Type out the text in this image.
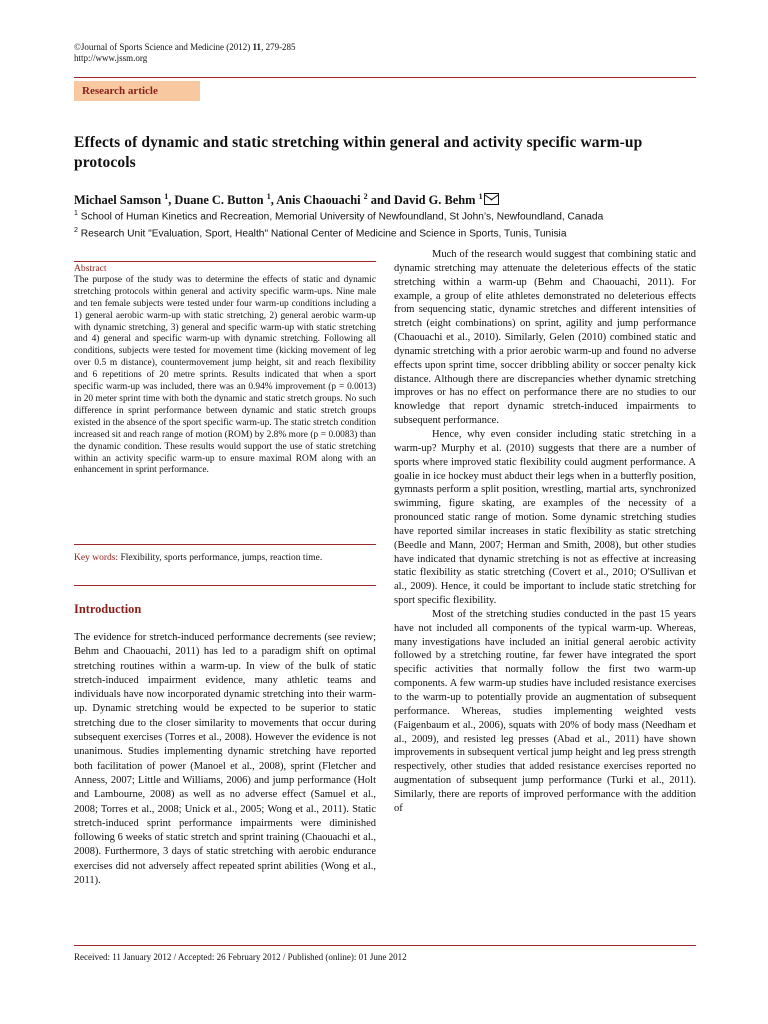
©Journal of Sports Science and Medicine (2012) 11, 279-285
http://www.jssm.org
Research article
Effects of dynamic and static stretching within general and activity specific warm-up protocols
Michael Samson $^1$, Duane C. Button $^1$, Anis Chaouachi $^2$ and David G. Behm $^1$
$^1$ School of Human Kinetics and Recreation, Memorial University of Newfoundland, St John’s, Newfoundland, Canada
$^2$ Research Unit "Evaluation, Sport, Health" National Center of Medicine and Science in Sports, Tunis, Tunisia
Abstract
The purpose of the study was to determine the effects of static and dynamic stretching protocols within general and activity specific warm-ups. Nine male and ten female subjects were tested under four warm-up conditions including a 1) general aerobic warm-up with static stretching, 2) general aerobic warm-up with dynamic stretching, 3) general and specific warm-up with static stretching and 4) general and specific warm-up with dynamic stretching. Following all conditions, subjects were tested for movement time (kicking movement of leg over 0.5 m distance), countermovement jump height, sit and reach flexibility and 6 repetitions of 20 metre sprints. Results indicated that when a sport specific warm-up was included, there was an 0.94% improvement (p = 0.0013) in 20 meter sprint time with both the dynamic and static stretch groups. No such difference in sprint performance between dynamic and static stretch groups existed in the absence of the sport specific warm-up. The static stretch condition increased sit and reach range of motion (ROM) by 2.8% more (p = 0.0083) than the dynamic condition. These results would support the use of static stretching within an activity specific warm-up to ensure maximal ROM along with an enhancement in sprint performance.
Key words: Flexibility, sports performance, jumps, reaction time.
Introduction

The evidence for stretch-induced performance decrements (see review; Behm and Chaouachi, 2011) has led to a paradigm shift on optimal stretching routines within a warm-up. In view of the bulk of static stretch-induced impairment evidence, many athletic teams and individuals have now incorporated dynamic stretching into their warm-up. Dynamic stretching would be expected to be superior to static stretching due to the closer similarity to movements that occur during subsequent exercises (Torres et al., 2008). However the evidence is not unanimous. Studies implementing dynamic stretching have reported both facilitation of power (Manoel et al., 2008), sprint (Fletcher and Anness, 2007; Little and Williams, 2006) and jump performance (Holt and Lambourne, 2008) as well as no adverse effect (Samuel et al., 2008; Torres et al., 2008; Unick et al., 2005; Wong et al., 2011). Static stretch-induced sprint performance impairments were diminished following 6 weeks of static stretch and sprint training (Chaouachi et al., 2008). Furthermore, 3 days of static stretching with aerobic endurance exercises did not adversely affect repeated sprint abilities (Wong et al., 2011).

Much of the research would suggest that combining static and dynamic stretching may attenuate the deleterious effects of the static stretching within a warm-up (Behm and Chaouachi, 2011). For example, a group of elite athletes demonstrated no deleterious effects from sequencing static, dynamic stretches and different intensities of stretch (eight combinations) on sprint, agility and jump performance (Chaouachi et al., 2010). Similarly, Gelen (2010) combined static and dynamic stretching with a prior aerobic warm-up and found no adverse effects upon sprint time, soccer dribbling ability or soccer penalty kick distance. Although there are discrepancies whether dynamic stretching improves or has no effect on performance there are no studies to our knowledge that report dynamic stretch-induced impairments to subsequent performance.

Hence, why even consider including static stretching in a warm-up? Murphy et al. (2010) suggests that there are a number of sports where improved static flexibility could augment performance. A goalie in ice hockey must abduct their legs when in a butterfly position, gymnasts perform a split position, wrestling, martial arts, synchronized swimming, figure skating, are examples of the necessity of a pronounced static range of motion. Some dynamic stretching studies have reported similar increases in static flexibility as static stretching (Beedle and Mann, 2007; Herman and Smith, 2008), but other studies have indicated that dynamic stretching is not as effective at increasing static flexibility as static stretching (Covert et al., 2010; O'Sullivan et al., 2009). Hence, it could be important to include static stretching for sport specific flexibility.

Most of the stretching studies conducted in the past 15 years have not included all components of the typical warm-up. Whereas, many investigations have included an initial general aerobic activity followed by a stretching routine, far fewer have integrated the sport specific activities that normally follow the first two warm-up components. A few warm-up studies have included resistance exercises to the warm-up to potentially provide an augmentation of subsequent performance. Whereas, studies implementing weighted vests (Faigenbaum et al., 2006), squats with 20% of body mass (Needham et al., 2009), and resisted leg presses (Abad et al., 2011) have shown improvements in subsequent vertical jump height and leg press strength respectively, other studies that added resistance exercises reported no augmentation of subsequent jump performance (Turki et al., 2011). Similarly, there are reports of improved performance with the addition of

Received: 11 January 2012 / Accepted: 26 February 2012 / Published (online): 01 June 2012
